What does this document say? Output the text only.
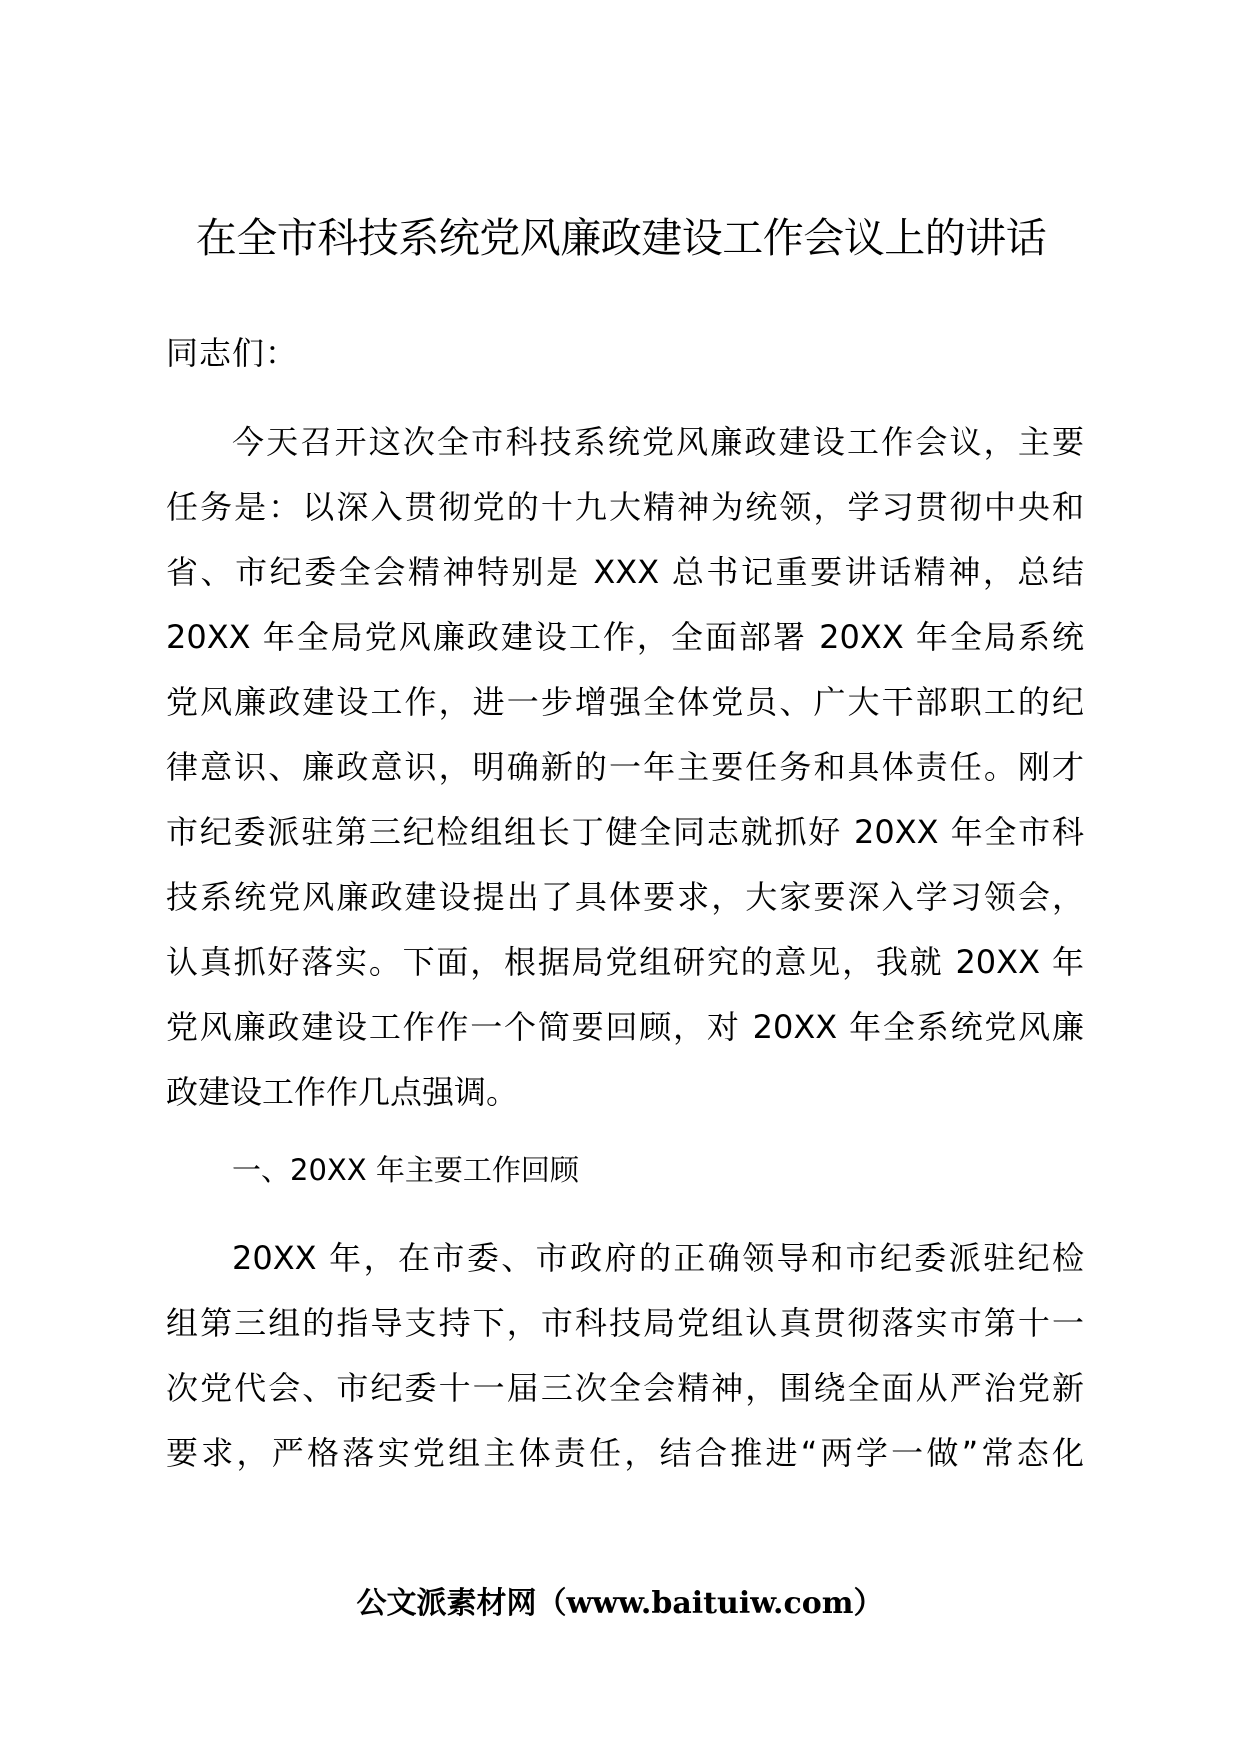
在全市科技系统党风廉政建设工作会议上的讲话
同志们：
今天召开这次全市科技系统党风廉政建设工作会议，主要
任务是：以深入贯彻党的十九大精神为统领，学习贯彻中央和
省、市纪委全会精神特别是 XXX 总书记重要讲话精神，总结
20XX 年全局党风廉政建设工作，全面部署 20XX 年全局系统
党风廉政建设工作，进一步增强全体党员、广大干部职工的纪
律意识、廉政意识，明确新的一年主要任务和具体责任。刚才
市纪委派驻第三纪检组组长丁健全同志就抓好 20XX 年全市科
技系统党风廉政建设提出了具体要求，大家要深入学习领会，
认真抓好落实。下面，根据局党组研究的意见，我就 20XX 年
党风廉政建设工作作一个简要回顾，对 20XX 年全系统党风廉
政建设工作作几点强调。
一、20XX 年主要工作回顾
20XX 年，在市委、市政府的正确领导和市纪委派驻纪检
组第三组的指导支持下，市科技局党组认真贯彻落实市第十一
次党代会、市纪委十一届三次全会精神，围绕全面从严治党新
要求，严格落实党组主体责任，结合推进“两学一做”常态化
公文派素材网（www.baituiw.com）
